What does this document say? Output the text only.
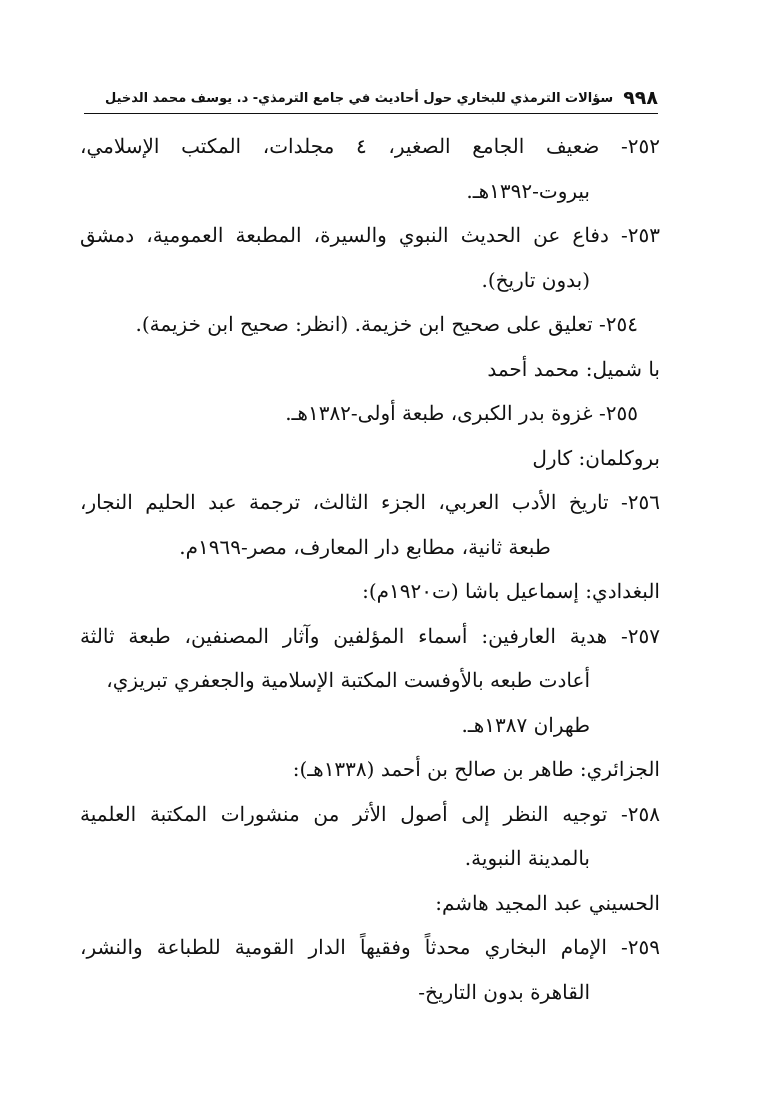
٩٩٨
سؤالات الترمذي للبخاري حول أحاديث في جامع الترمذي- د. يوسف محمد الدخيل
٢٥٢- ضعيف الجامع الصغير، ٤ مجلدات، المكتب الإسلامي،
بيروت-١٣٩٢هـ.
٢٥٣- دفاع عن الحديث النبوي والسيرة، المطبعة العمومية، دمشق
(بدون تاريخ).
٢٥٤- تعليق على صحيح ابن خزيمة. (انظر: صحيح ابن خزيمة).
با شميل: محمد أحمد
٢٥٥- غزوة بدر الكبرى، طبعة أولى-١٣٨٢هـ.
بروكلمان: كارل
٢٥٦- تاريخ الأدب العربي، الجزء الثالث، ترجمة عبد الحليم النجار،
طبعة ثانية، مطابع دار المعارف، مصر-١٩٦٩م.
البغدادي: إسماعيل باشا (ت١٩٢٠م):
٢٥٧- هدية العارفين: أسماء المؤلفين وآثار المصنفين، طبعة ثالثة
أعادت طبعه بالأوفست المكتبة الإسلامية والجعفري تبريزي،
طهران ١٣٨٧هـ.
الجزائري: طاهر بن صالح بن أحمد (١٣٣٨هـ):
٢٥٨- توجيه النظر إلى أصول الأثر من منشورات المكتبة العلمية
بالمدينة النبوية.
الحسيني عبد المجيد هاشم:
٢٥٩- الإمام البخاري محدثاً وفقيهاً الدار القومية للطباعة والنشر،
القاهرة بدون التاريخ-
